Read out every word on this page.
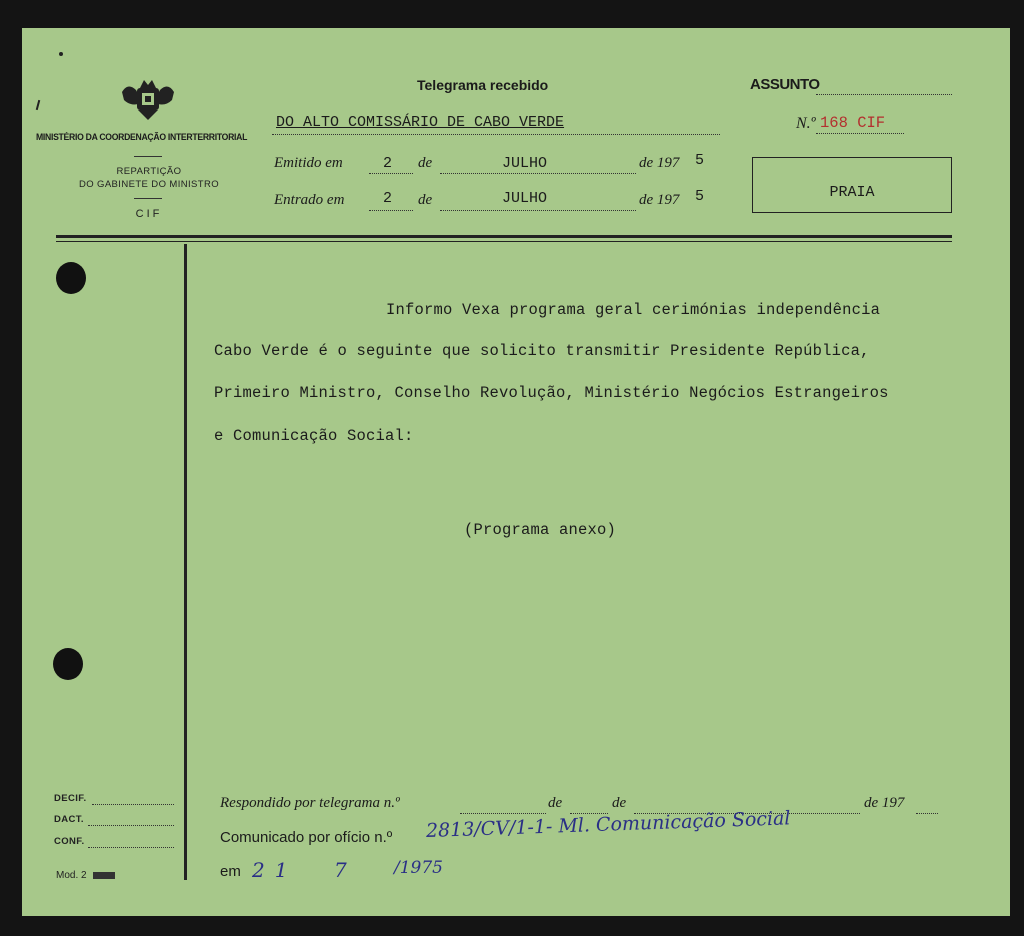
MINISTÉRIO DA COORDENAÇÃO INTERTERRITORIAL
REPARTIÇÃO
DO GABINETE DO MINISTRO
CIF
Telegrama recebido
DO ALTO COMISSÁRIO DE CABO VERDE
Emitido em	2 de	JULHO	de 197 5
Entrado em	2 de	JULHO	de 197 5
ASSUNTO
N.º 168 CIF
PRAIA
Informo Vexa programa geral cerimónias independência
Cabo Verde é o seguinte que solicito transmitir Presidente República,
Primeiro Ministro, Conselho Revolução, Ministério Negócios Estrangeiros
e Comunicação Social:
(Programa anexo)
DECIF.
DACT.
CONF.
Mod. 2
Respondido por telegrama n.º	de	de	de 197
Comunicado por ofício n.º 2813/CV/1-1- Ml. Comunicação Social
em 21 7	/1975
